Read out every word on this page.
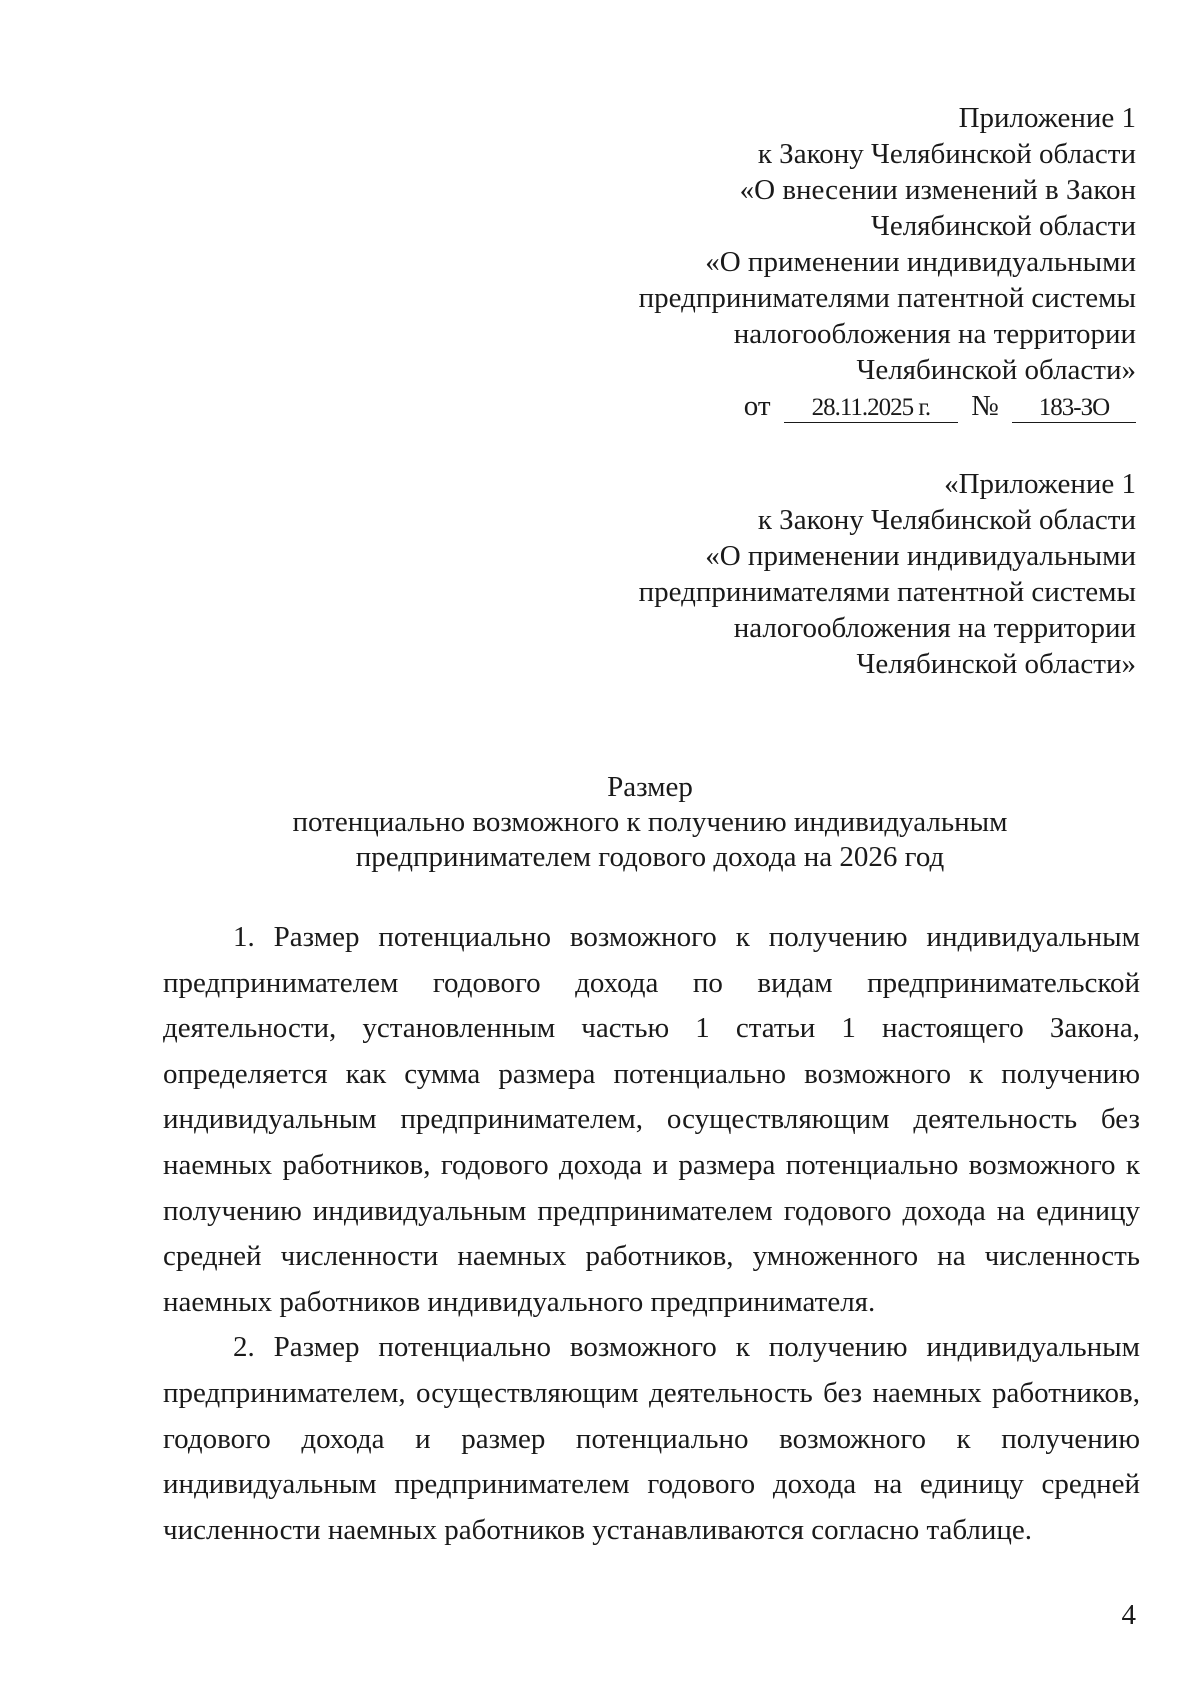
Приложение 1
к Закону Челябинской области
«О внесении изменений в Закон
Челябинской области
«О применении индивидуальными
предпринимателями патентной системы
налогообложения на территории
Челябинской области»
от 28.11.2025 г. № 183-ЗО
«Приложение 1
к Закону Челябинской области
«О применении индивидуальными
предпринимателями патентной системы
налогообложения на территории
Челябинской области»
Размер
потенциально возможного к получению индивидуальным
предпринимателем годового дохода на 2026 год

1. Размер потенциально возможного к получению индивидуальным предпринимателем годового дохода по видам предпринимательской деятельности, установленным частью 1 статьи 1 настоящего Закона, определяется как сумма размера потенциально возможного к получению индивидуальным предпринимателем, осуществляющим деятельность без наемных работников, годового дохода и размера потенциально возможного к получению индивидуальным предпринимателем годового дохода на единицу средней численности наемных работников, умноженного на численность наемных работников индивидуального предпринимателя.

2. Размер потенциально возможного к получению индивидуальным предпринимателем, осуществляющим деятельность без наемных работников, годового дохода и размер потенциально возможного к получению индивидуальным предпринимателем годового дохода на единицу средней численности наемных работников устанавливаются согласно таблице.

4
